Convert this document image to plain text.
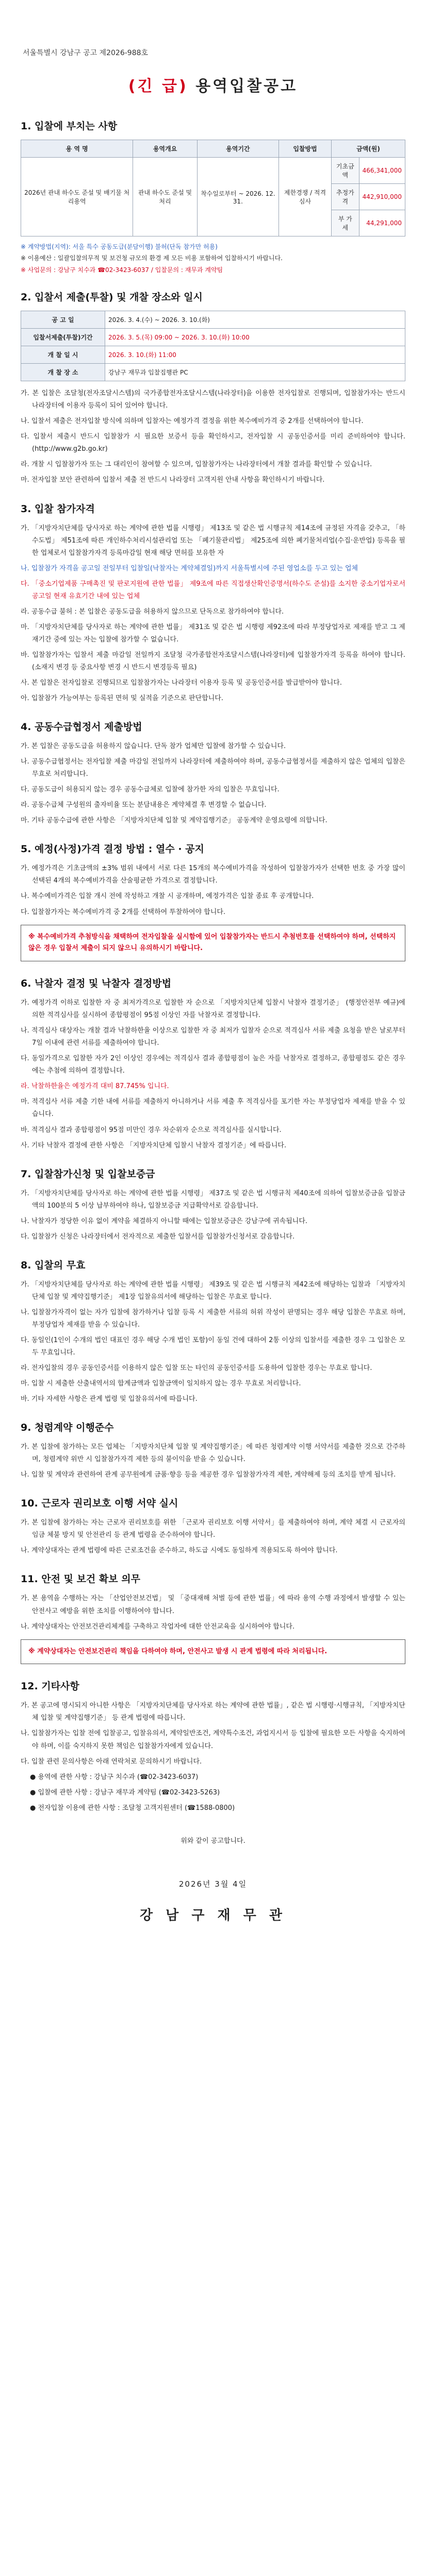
서울특별시 강남구 공고 제2026-988호
(긴 급) 용역입찰공고
1. 입찰에 부치는 사항
용 역 명	용역개요	용역기간	입찰방법	금액(원)	
2026년 관내 하수도 준설 및 배기물 처리용역	관내 하수도 준설 및 처리	착수일로부터 ~ 2026. 12. 31.	제한경쟁 / 적격심사	기초금액	466,341,000
				추정가격	442,910,000
				부 가 세	44,291,000

※ 계약방법(지역): 서울 특수 공동도급(분담이행) 불허(단독 참가만 허용)

※ 이용예산 : 일괄입찰의무적 및 보건청 규모의 환경 제 모든 비용 포함하여 입찰하시기 바랍니다.

※ 사업문의 : 강남구 치수과 ☎02-3423-6037 / 입찰문의 : 재무과 계약팀

2. 입찰서 제출(투찰) 및 개찰 장소와 일시
공 고 일	2026. 3. 4.(수) ~ 2026. 3. 10.(화)
입찰서제출(투찰)기간	2026. 3. 5.(목) 09:00 ~ 2026. 3. 10.(화) 10:00
개 찰 일 시	2026. 3. 10.(화) 11:00
개 찰 장 소	강남구 재무과 입찰집행관 PC

가. 본 입찰은 조달청(전자조달시스템)의 국가종합전자조달시스템(나라장터)을 이용한 전자입찰로 진행되며, 입찰참가자는 반드시 나라장터에 이용자 등록이 되어 있어야 합니다.

나. 입찰서 제출은 전자입찰 방식에 의하며 입찰자는 예정가격 결정을 위한 복수예비가격 중 2개를 선택하여야 합니다.

다. 입찰서 제출시 반드시 입찰참가 시 필요한 보증서 등을 확인하시고, 전자입찰 시 공동인증서를 미리 준비하여야 합니다. (http://www.g2b.go.kr)

라. 개찰 시 입찰참가자 또는 그 대리인이 참여할 수 있으며, 입찰참가자는 나라장터에서 개찰 결과를 확인할 수 있습니다.

마. 전자입찰 보안 관련하여 입찰서 제출 전 반드시 나라장터 고객지원 안내 사항을 확인하시기 바랍니다.

3. 입찰 참가자격

가. 「지방자치단체를 당사자로 하는 계약에 관한 법률 시행령」 제13조 및 같은 법 시행규칙 제14조에 규정된 자격을 갖추고, 「하수도법」 제51조에 따른 개인하수처리시설관리업 또는 「폐기물관리법」 제25조에 의한 폐기물처리업(수집·운반업) 등록을 필한 업체로서 입찰참가자격 등록마감일 현재 해당 면허를 보유한 자

나. 입찰참가 자격을 공고일 전일부터 입찰일(낙찰자는 계약체결일)까지 서울특별시에 주된 영업소를 두고 있는 업체

다. 「중소기업제품 구매촉진 및 판로지원에 관한 법률」 제9조에 따른 직접생산확인증명서(하수도 준설)를 소지한 중소기업자로서 공고일 현재 유효기간 내에 있는 업체

라. 공동수급 불허 : 본 입찰은 공동도급을 허용하지 않으므로 단독으로 참가하여야 합니다.

마. 「지방자치단체를 당사자로 하는 계약에 관한 법률」 제31조 및 같은 법 시행령 제92조에 따라 부정당업자로 제재를 받고 그 제재기간 중에 있는 자는 입찰에 참가할 수 없습니다.

바. 입찰참가자는 입찰서 제출 마감일 전일까지 조달청 국가종합전자조달시스템(나라장터)에 입찰참가자격 등록을 하여야 합니다. (소재지 변경 등 중요사항 변경 시 반드시 변경등록 필요)

사. 본 입찰은 전자입찰로 진행되므로 입찰참가자는 나라장터 이용자 등록 및 공동인증서를 발급받아야 합니다.

아. 입찰참가 가능여부는 등록된 면허 및 실적을 기준으로 판단합니다.

4. 공동수급협정서 제출방법

가. 본 입찰은 공동도급을 허용하지 않습니다. 단독 참가 업체만 입찰에 참가할 수 있습니다.

나. 공동수급협정서는 전자입찰 제출 마감일 전일까지 나라장터에 제출하여야 하며, 공동수급협정서를 제출하지 않은 업체의 입찰은 무효로 처리합니다.

다. 공동도급이 허용되지 않는 경우 공동수급체로 입찰에 참가한 자의 입찰은 무효입니다.

라. 공동수급체 구성원의 출자비율 또는 분담내용은 계약체결 후 변경할 수 없습니다.

마. 기타 공동수급에 관한 사항은 「지방자치단체 입찰 및 계약집행기준」 공동계약 운영요령에 의합니다.

5. 예정(사정)가격 결정 방법 : 열수 · 공지

가. 예정가격은 기초금액의 ±3% 범위 내에서 서로 다른 15개의 복수예비가격을 작성하여 입찰참가자가 선택한 번호 중 가장 많이 선택된 4개의 복수예비가격을 산술평균한 가격으로 결정합니다.

나. 복수예비가격은 입찰 개시 전에 작성하고 개찰 시 공개하며, 예정가격은 입찰 종료 후 공개합니다.

다. 입찰참가자는 복수예비가격 중 2개를 선택하여 투찰하여야 합니다.

※ 복수예비가격 추첨방식을 채택하여 전자입찰을 실시함에 있어 입찰참가자는 반드시 추첨번호를 선택하여야 하며, 선택하지 않은 경우 입찰서 제출이 되지 않으니 유의하시기 바랍니다.
6. 낙찰자 결정 및 낙찰자 결정방법

가. 예정가격 이하로 입찰한 자 중 최저가격으로 입찰한 자 순으로 「지방자치단체 입찰시 낙찰자 결정기준」 (행정안전부 예규)에 의한 적격심사를 실시하여 종합평점이 95점 이상인 자를 낙찰자로 결정합니다.

나. 적격심사 대상자는 개찰 결과 낙찰하한율 이상으로 입찰한 자 중 최저가 입찰자 순으로 적격심사 서류 제출 요청을 받은 날로부터 7일 이내에 관련 서류를 제출하여야 합니다.

다. 동일가격으로 입찰한 자가 2인 이상인 경우에는 적격심사 결과 종합평점이 높은 자를 낙찰자로 결정하고, 종합평점도 같은 경우에는 추첨에 의하여 결정합니다.

라. 낙찰하한율은 예정가격 대비 87.745% 입니다.

마. 적격심사 서류 제출 기한 내에 서류를 제출하지 아니하거나 서류 제출 후 적격심사를 포기한 자는 부정당업자 제재를 받을 수 있습니다.

바. 적격심사 결과 종합평점이 95점 미만인 경우 차순위자 순으로 적격심사를 실시합니다.

사. 기타 낙찰자 결정에 관한 사항은 「지방자치단체 입찰시 낙찰자 결정기준」에 따릅니다.

7. 입찰참가신청 및 입찰보증금

가. 「지방자치단체를 당사자로 하는 계약에 관한 법률 시행령」 제37조 및 같은 법 시행규칙 제40조에 의하여 입찰보증금을 입찰금액의 100분의 5 이상 납부하여야 하나, 입찰보증금 지급확약서로 갈음합니다.

나. 낙찰자가 정당한 이유 없이 계약을 체결하지 아니할 때에는 입찰보증금은 강남구에 귀속됩니다.

다. 입찰참가 신청은 나라장터에서 전자적으로 제출한 입찰서를 입찰참가신청서로 갈음합니다.

8. 입찰의 무효

가. 「지방자치단체를 당사자로 하는 계약에 관한 법률 시행령」 제39조 및 같은 법 시행규칙 제42조에 해당하는 입찰과 「지방자치단체 입찰 및 계약집행기준」 제1장 입찰유의서에 해당하는 입찰은 무효로 합니다.

나. 입찰참가자격이 없는 자가 입찰에 참가하거나 입찰 등록 시 제출한 서류의 허위 작성이 판명되는 경우 해당 입찰은 무효로 하며, 부정당업자 제재를 받을 수 있습니다.

다. 동일인(1인이 수개의 법인 대표인 경우 해당 수개 법인 포함)이 동일 건에 대하여 2통 이상의 입찰서를 제출한 경우 그 입찰은 모두 무효입니다.

라. 전자입찰의 경우 공동인증서를 이용하지 않은 입찰 또는 타인의 공동인증서를 도용하여 입찰한 경우는 무효로 합니다.

마. 입찰 시 제출한 산출내역서의 합계금액과 입찰금액이 일치하지 않는 경우 무효로 처리합니다.

바. 기타 자세한 사항은 관계 법령 및 입찰유의서에 따릅니다.

9. 청렴계약 이행준수

가. 본 입찰에 참가하는 모든 업체는 「지방자치단체 입찰 및 계약집행기준」에 따른 청렴계약 이행 서약서를 제출한 것으로 간주하며, 청렴계약 위반 시 입찰참가자격 제한 등의 불이익을 받을 수 있습니다.

나. 입찰 및 계약과 관련하여 관계 공무원에게 금품·향응 등을 제공한 경우 입찰참가자격 제한, 계약해제 등의 조치를 받게 됩니다.

10. 근로자 권리보호 이행 서약 실시

가. 본 입찰에 참가하는 자는 근로자 권리보호를 위한 「근로자 권리보호 이행 서약서」를 제출하여야 하며, 계약 체결 시 근로자의 임금 체불 방지 및 안전관리 등 관계 법령을 준수하여야 합니다.

나. 계약상대자는 관계 법령에 따른 근로조건을 준수하고, 하도급 시에도 동일하게 적용되도록 하여야 합니다.

11. 안전 및 보건 확보 의무

가. 본 용역을 수행하는 자는 「산업안전보건법」 및 「중대재해 처벌 등에 관한 법률」에 따라 용역 수행 과정에서 발생할 수 있는 안전사고 예방을 위한 조치를 이행하여야 합니다.

나. 계약상대자는 안전보건관리체계를 구축하고 작업자에 대한 안전교육을 실시하여야 합니다.

※ 계약상대자는 안전보건관리 책임을 다하여야 하며, 안전사고 발생 시 관계 법령에 따라 처리됩니다.
12. 기타사항

가. 본 공고에 명시되지 아니한 사항은 「지방자치단체를 당사자로 하는 계약에 관한 법률」, 같은 법 시행령·시행규칙, 「지방자치단체 입찰 및 계약집행기준」 등 관계 법령에 따릅니다.

나. 입찰참가자는 입찰 전에 입찰공고, 입찰유의서, 계약일반조건, 계약특수조건, 과업지시서 등 입찰에 필요한 모든 사항을 숙지하여야 하며, 이를 숙지하지 못한 책임은 입찰참가자에게 있습니다.

다. 입찰 관련 문의사항은 아래 연락처로 문의하시기 바랍니다.

● 용역에 관한 사항 : 강남구 치수과 (☎02-3423-6037)

● 입찰에 관한 사항 : 강남구 재무과 계약팀 (☎02-3423-5263)

● 전자입찰 이용에 관한 사항 : 조달청 고객지원센터 (☎1588-0800)

위와 같이 공고합니다.

2026년 3월 4일
강 남 구 재 무 관
